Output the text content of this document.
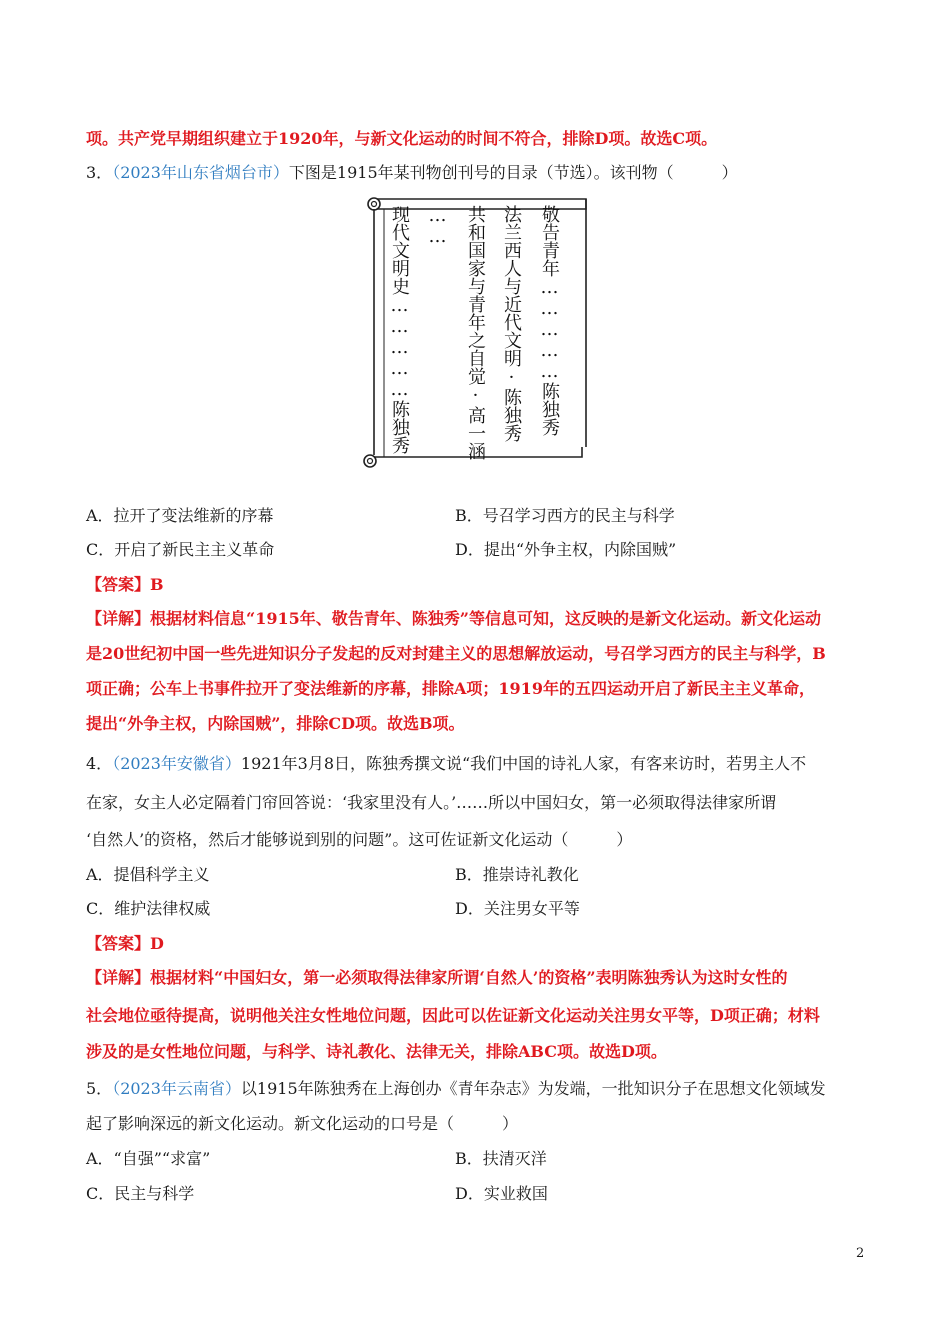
项。共产党早期组织建立于1920年，与新文化运动的时间不符合，排除D项。故选C项。
3．（2023年山东省烟台市）下图是1915年某刊物创刊号的目录（节选）。该刊物（　　　）
敬告青年……………陈独秀
法兰西人与近代文明·陈独秀
共和国家与青年之自觉·高一涵
……
现代文明史……………陈独秀
A．拉开了变法维新的序幕	B．号召学习西方的民主与科学
C．开启了新民主主义革命	D．提出“外争主权，内除国贼”
【答案】B
【详解】根据材料信息“1915年、敬告青年、陈独秀”等信息可知，这反映的是新文化运动。新文化运动
是20世纪初中国一些先进知识分子发起的反对封建主义的思想解放运动，号召学习西方的民主与科学，B
项正确；公车上书事件拉开了变法维新的序幕，排除A项；1919年的五四运动开启了新民主主义革命，
提出“外争主权，内除国贼”，排除CD项。故选B项。
4．（2023年安徽省）1921年3月8日，陈独秀撰文说“我们中国的诗礼人家，有客来访时，若男主人不
在家，女主人必定隔着门帘回答说：‘我家里没有人。’……所以中国妇女，第一必须取得法律家所谓
‘自然人’的资格，然后才能够说到别的问题”。这可佐证新文化运动（　　　）
A．提倡科学主义	B．推崇诗礼教化
C．维护法律权威	D．关注男女平等
【答案】D
【详解】根据材料“中国妇女，第一必须取得法律家所谓‘自然人’的资格”表明陈独秀认为这时女性的
社会地位亟待提高，说明他关注女性地位问题，因此可以佐证新文化运动关注男女平等，D项正确；材料
涉及的是女性地位问题，与科学、诗礼教化、法律无关，排除ABC项。故选D项。
5．（2023年云南省）以1915年陈独秀在上海创办《青年杂志》为发端，一批知识分子在思想文化领域发
起了影响深远的新文化运动。新文化运动的口号是（　　　）
A．“自强”“求富”	B．扶清灭洋
C．民主与科学	D．实业救国
2
